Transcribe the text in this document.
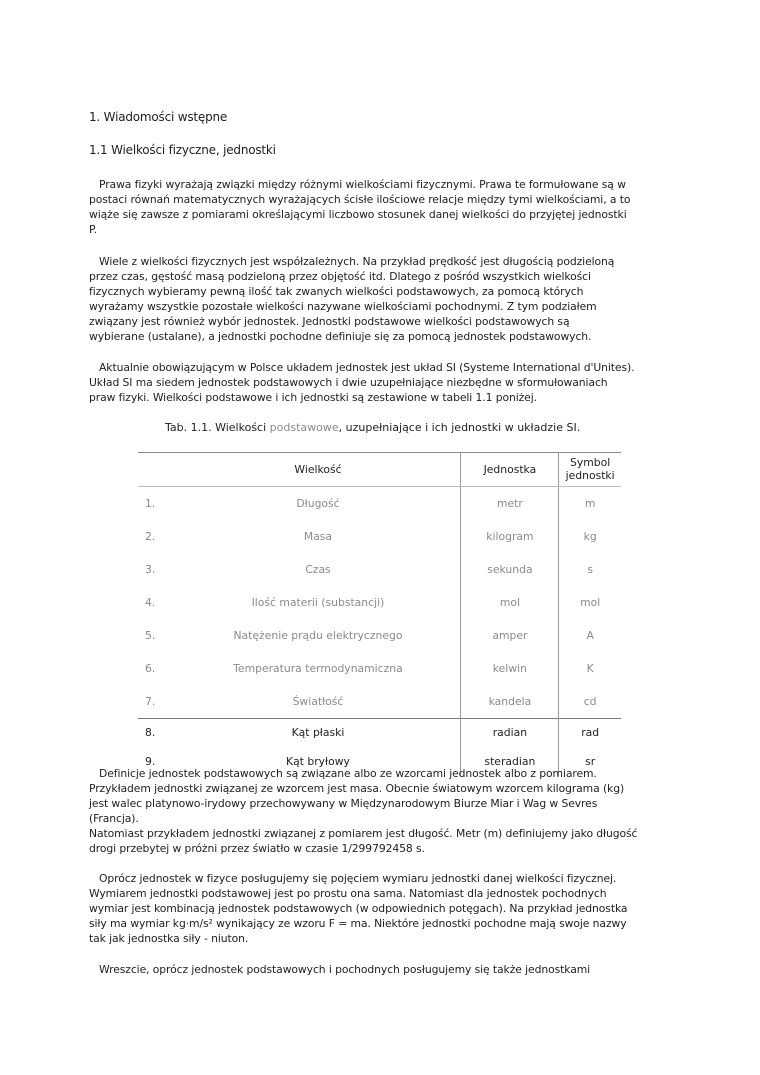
1. Wiadomości wstępne
1.1 Wielkości fizyczne, jednostki
Prawa fizyki wyrażają związki między różnymi wielkościami fizycznymi. Prawa te formułowane są w
postaci równań matematycznych wyrażających ścisłe ilościowe relacje między tymi wielkościami, a to
wiąże się zawsze z pomiarami określającymi liczbowo stosunek danej wielkości do przyjętej jednostki
P.
Wiele z wielkości fizycznych jest współzależnych. Na przykład prędkość jest długością podzieloną
przez czas, gęstość masą podzieloną przez objętość itd. Dlatego z pośród wszystkich wielkości
fizycznych wybieramy pewną ilość tak zwanych wielkości podstawowych, za pomocą których
wyrażamy wszystkie pozostałe wielkości nazywane wielkościami pochodnymi. Z tym podziałem
związany jest również wybór jednostek. Jednostki podstawowe wielkości podstawowych są
wybierane (ustalane), a jednostki pochodne definiuje się za pomocą jednostek podstawowych.
Aktualnie obowiązującym w Polsce układem jednostek jest układ SI (Systeme International d'Unites).
Układ SI ma siedem jednostek podstawowych i dwie uzupełniające niezbędne w sformułowaniach
praw fizyki. Wielkości podstawowe i ich jednostki są zestawione w tabeli 1.1 poniżej.
Tab. 1.1. Wielkości podstawowe, uzupełniające i ich jednostki w układzie SI.
	Wielkość	Jednostka	Symbol jednostki
1.	Długość	metr	m
2.	Masa	kilogram	kg
3.	Czas	sekunda	s
4.	Ilość materii (substancji)	mol	mol
5.	Natężenie prądu elektrycznego	amper	A
6.	Temperatura termodynamiczna	kelwin	K
7.	Światłość	kandela	cd
8.	Kąt płaski	radian	rad
9.	Kąt bryłowy	steradian	sr
Definicje jednostek podstawowych są związane albo ze wzorcami jednostek albo z pomiarem.
Przykładem jednostki związanej ze wzorcem jest masa. Obecnie światowym wzorcem kilograma (kg)
jest walec platynowo-irydowy przechowywany w Międzynarodowym Biurze Miar i Wag w Sevres
(Francja).
Natomiast przykładem jednostki związanej z pomiarem jest długość. Metr (m) definiujemy jako długość
drogi przebytej w próżni przez światło w czasie 1/299792458 s.
Oprócz jednostek w fizyce posługujemy się pojęciem wymiaru jednostki danej wielkości fizycznej.
Wymiarem jednostki podstawowej jest po prostu ona sama. Natomiast dla jednostek pochodnych
wymiar jest kombinacją jednostek podstawowych (w odpowiednich potęgach). Na przykład jednostka
siły ma wymiar kg·m/s² wynikający ze wzoru F = ma. Niektóre jednostki pochodne mają swoje nazwy
tak jak jednostka siły - niuton.
Wreszcie, oprócz jednostek podstawowych i pochodnych posługujemy się także jednostkami
